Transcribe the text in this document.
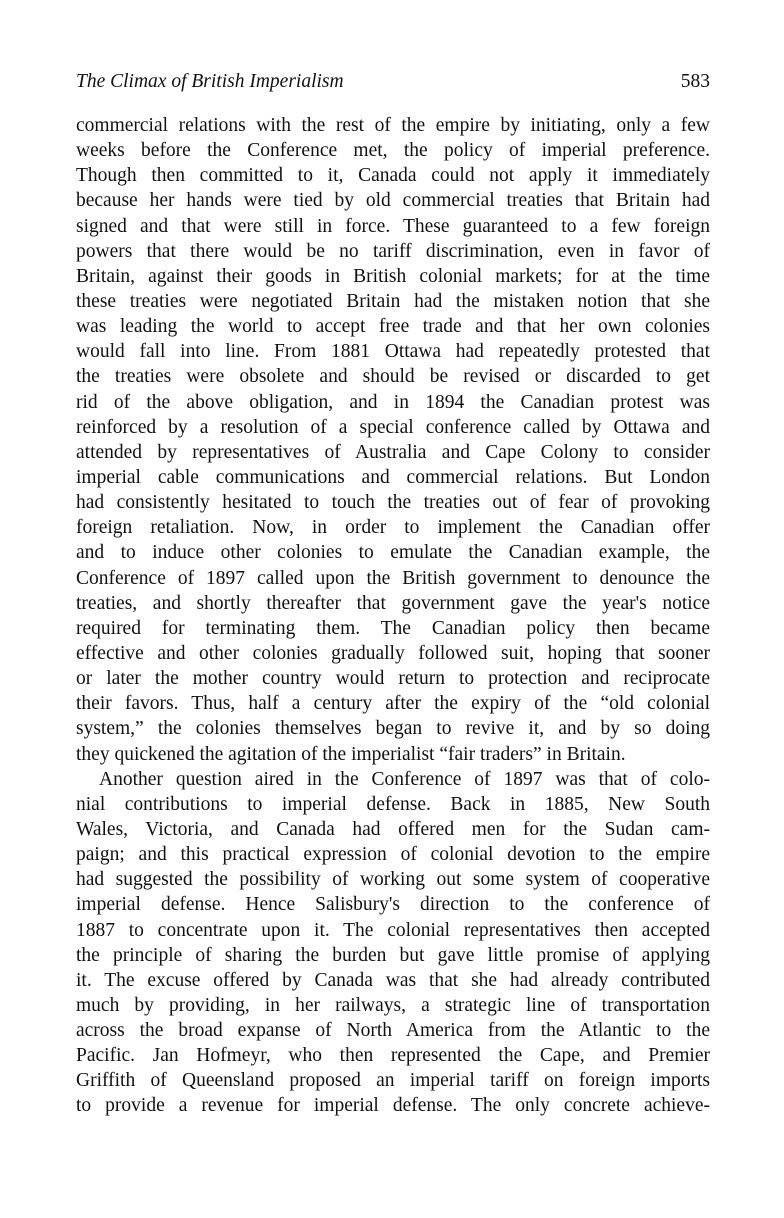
The Climax of British Imperialism	583
commercial relations with the rest of the empire by initiating, only a few
weeks before the Conference met, the policy of imperial preference.
Though then committed to it, Canada could not apply it immediately
because her hands were tied by old commercial treaties that Britain had
signed and that were still in force. These guaranteed to a few foreign
powers that there would be no tariff discrimination, even in favor of
Britain, against their goods in British colonial markets; for at the time
these treaties were negotiated Britain had the mistaken notion that she
was leading the world to accept free trade and that her own colonies
would fall into line. From 1881 Ottawa had repeatedly protested that
the treaties were obsolete and should be revised or discarded to get
rid of the above obligation, and in 1894 the Canadian protest was
reinforced by a resolution of a special conference called by Ottawa and
attended by representatives of Australia and Cape Colony to consider
imperial cable communications and commercial relations. But London
had consistently hesitated to touch the treaties out of fear of provoking
foreign retaliation. Now, in order to implement the Canadian offer
and to induce other colonies to emulate the Canadian example, the
Conference of 1897 called upon the British government to denounce the
treaties, and shortly thereafter that government gave the year's notice
required for terminating them. The Canadian policy then became
effective and other colonies gradually followed suit, hoping that sooner
or later the mother country would return to protection and reciprocate
their favors. Thus, half a century after the expiry of the “old colonial
system,” the colonies themselves began to revive it, and by so doing
they quickened the agitation of the imperialist “fair traders” in Britain.
Another question aired in the Conference of 1897 was that of colo-
nial contributions to imperial defense. Back in 1885, New South
Wales, Victoria, and Canada had offered men for the Sudan cam-
paign; and this practical expression of colonial devotion to the empire
had suggested the possibility of working out some system of cooperative
imperial defense. Hence Salisbury's direction to the conference of
1887 to concentrate upon it. The colonial representatives then accepted
the principle of sharing the burden but gave little promise of applying
it. The excuse offered by Canada was that she had already contributed
much by providing, in her railways, a strategic line of transportation
across the broad expanse of North America from the Atlantic to the
Pacific. Jan Hofmeyr, who then represented the Cape, and Premier
Griffith of Queensland proposed an imperial tariff on foreign imports
to provide a revenue for imperial defense. The only concrete achieve-
